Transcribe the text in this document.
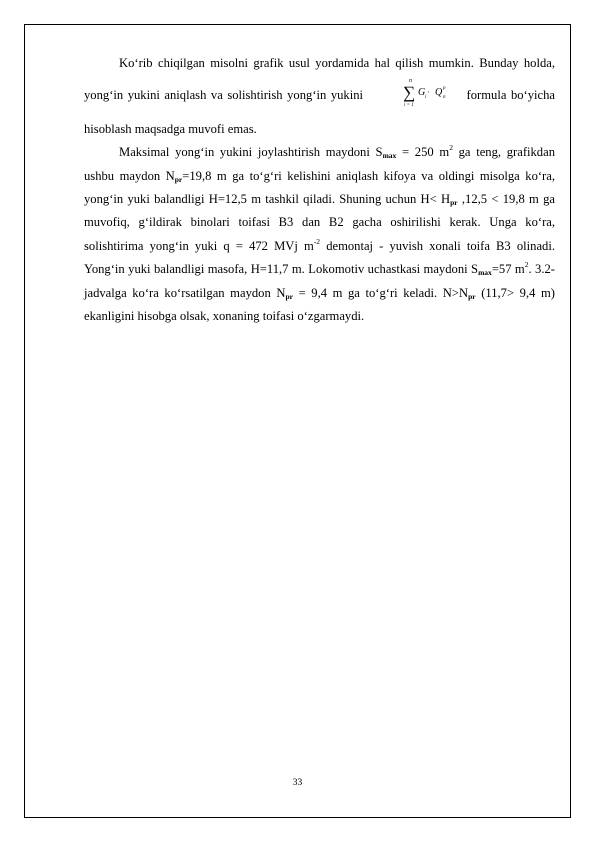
Ko‘rib chiqilgan misolni grafik usul yordamida hal qilish mumkin. Bunday holda, yong‘in yukini aniqlash va solishtirish yong‘in yukini
n
∑
i = 1
G i
· Q p
n formula bo‘yicha hisoblash maqsadga muvofi emas.

Maksimal yong‘in yukini joylashtirish maydoni $S_{max} = 250$ $m^2$ ga teng, grafikdan ushbu maydon $N_{pr}=19,8$ m ga to‘g‘ri kelishini aniqlash kifoya va oldingi misolga ko‘ra, yong‘in yuki balandligi H=12,5 m tashkil qiladi. Shuning uchun $H< H_{pr}$ ,12,5 < 19,8 m ga muvofiq, g‘ildirak binolari toifasi B3 dan B2 gacha oshirilishi kerak. Unga ko‘ra, solishtirima yong‘in yuki q = 472 MVj $m^{-2}$ demontaj - yuvish xonali toifa B3 olinadi. Yong‘in yuki balandligi masofa, H=11,7 m. Lokomotiv uchastkasi maydoni $S_{max}=57$ $m^2$. 3.2- jadvalga ko‘ra ko‘rsatilgan maydon $N_{pr} = 9,4$ m ga to‘g‘ri keladi. $N>N_{pr}$ (11,7> 9,4 m) ekanligini hisobga olsak, xonaning toifasi o‘zgarmaydi.

33
